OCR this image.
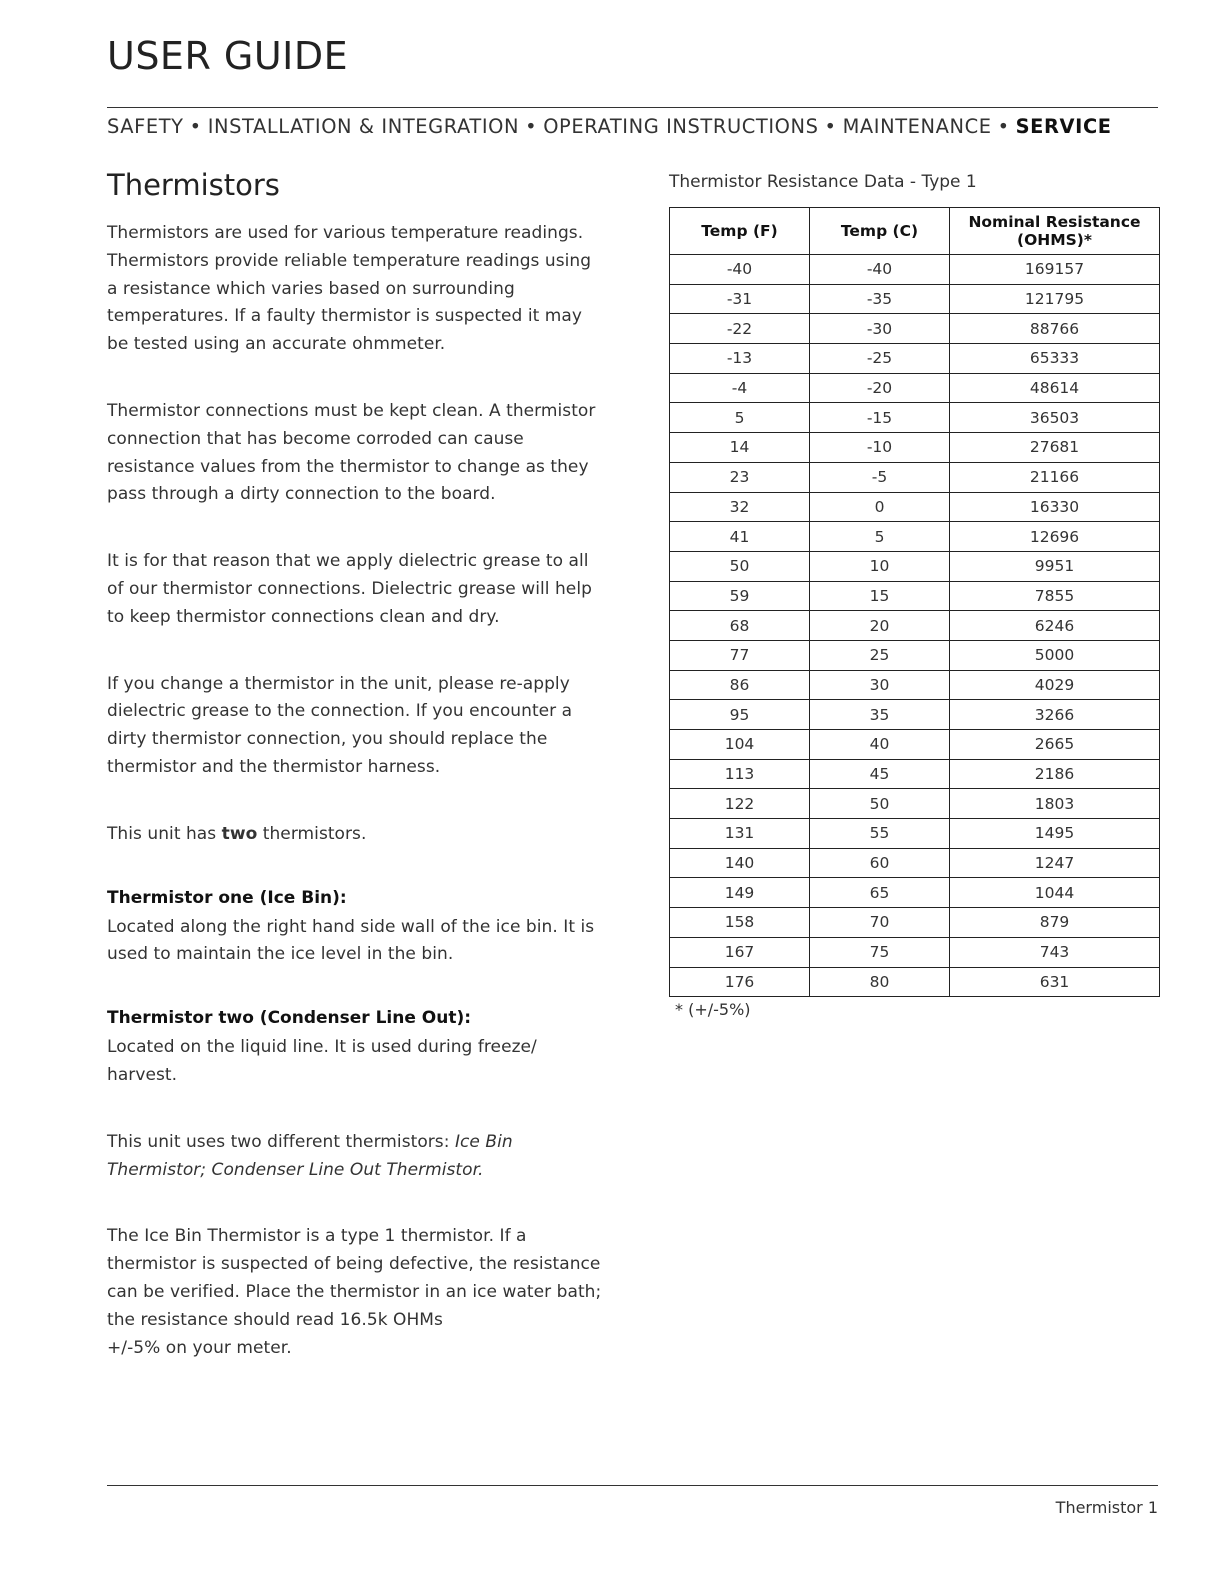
USER GUIDE
SAFETY • INSTALLATION & INTEGRATION • OPERATING INSTRUCTIONS • MAINTENANCE • SERVICE
Thermistors

Thermistors are used for various temperature readings. Thermistors provide reliable temperature readings using a resistance which varies based on surrounding temperatures. If a faulty thermistor is suspected it may be tested using an accurate ohmmeter.

Thermistor connections must be kept clean. A thermistor connection that has become corroded can cause resistance values from the thermistor to change as they pass through a dirty connection to the board.

It is for that reason that we apply dielectric grease to all of our thermistor connections. Dielectric grease will help to keep thermistor connections clean and dry.

If you change a thermistor in the unit, please re-apply dielectric grease to the connection. If you encounter a dirty thermistor connection, you should replace the thermistor and the thermistor harness.

This unit has two thermistors.

Thermistor one (Ice Bin):

Located along the right hand side wall of the ice bin. It is used to maintain the ice level in the bin.

Thermistor two (Condenser Line Out):

Located on the liquid line. It is used during freeze/
harvest.

This unit uses two different thermistors: Ice Bin
Thermistor; Condenser Line Out Thermistor.

The Ice Bin Thermistor is a type 1 thermistor. If a thermistor is suspected of being defective, the resistance can be verified. Place the thermistor in an ice water bath; the resistance should read 16.5k OHMs
+/-5% on your meter.

Thermistor Resistance Data - Type 1
Temp (F)	Temp (C)	Nominal Resistance (OHMS)*
-40	-40	169157
-31	-35	121795
-22	-30	88766
-13	-25	65333
-4	-20	48614
5	-15	36503
14	-10	27681
23	-5	21166
32	0	16330
41	5	12696
50	10	9951
59	15	7855
68	20	6246
77	25	5000
86	30	4029
95	35	3266
104	40	2665
113	45	2186
122	50	1803
131	55	1495
140	60	1247
149	65	1044
158	70	879
167	75	743
176	80	631
* (+/-5%)
Thermistor 1
